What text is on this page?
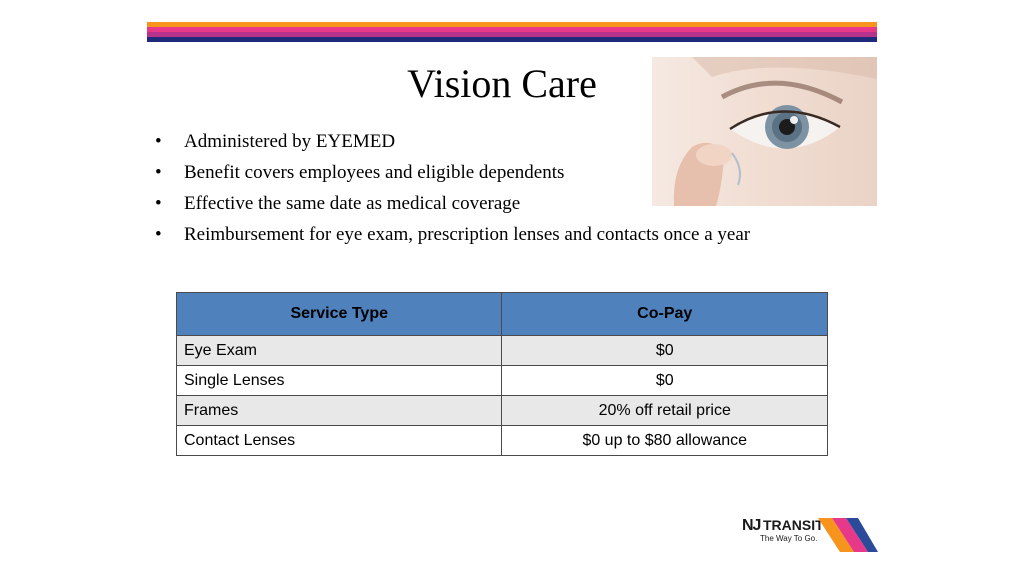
Vision Care
• Administered by EYEMED
• Benefit covers employees and eligible dependents
• Effective the same date as medical coverage
• Reimbursement for eye exam, prescription lenses and contacts once a year
Service Type	Co-Pay
Eye Exam	$0
Single Lenses	$0
Frames	20% off retail price
Contact Lenses	$0 up to $80 allowance
NJ TRANSIT
The Way To Go.
